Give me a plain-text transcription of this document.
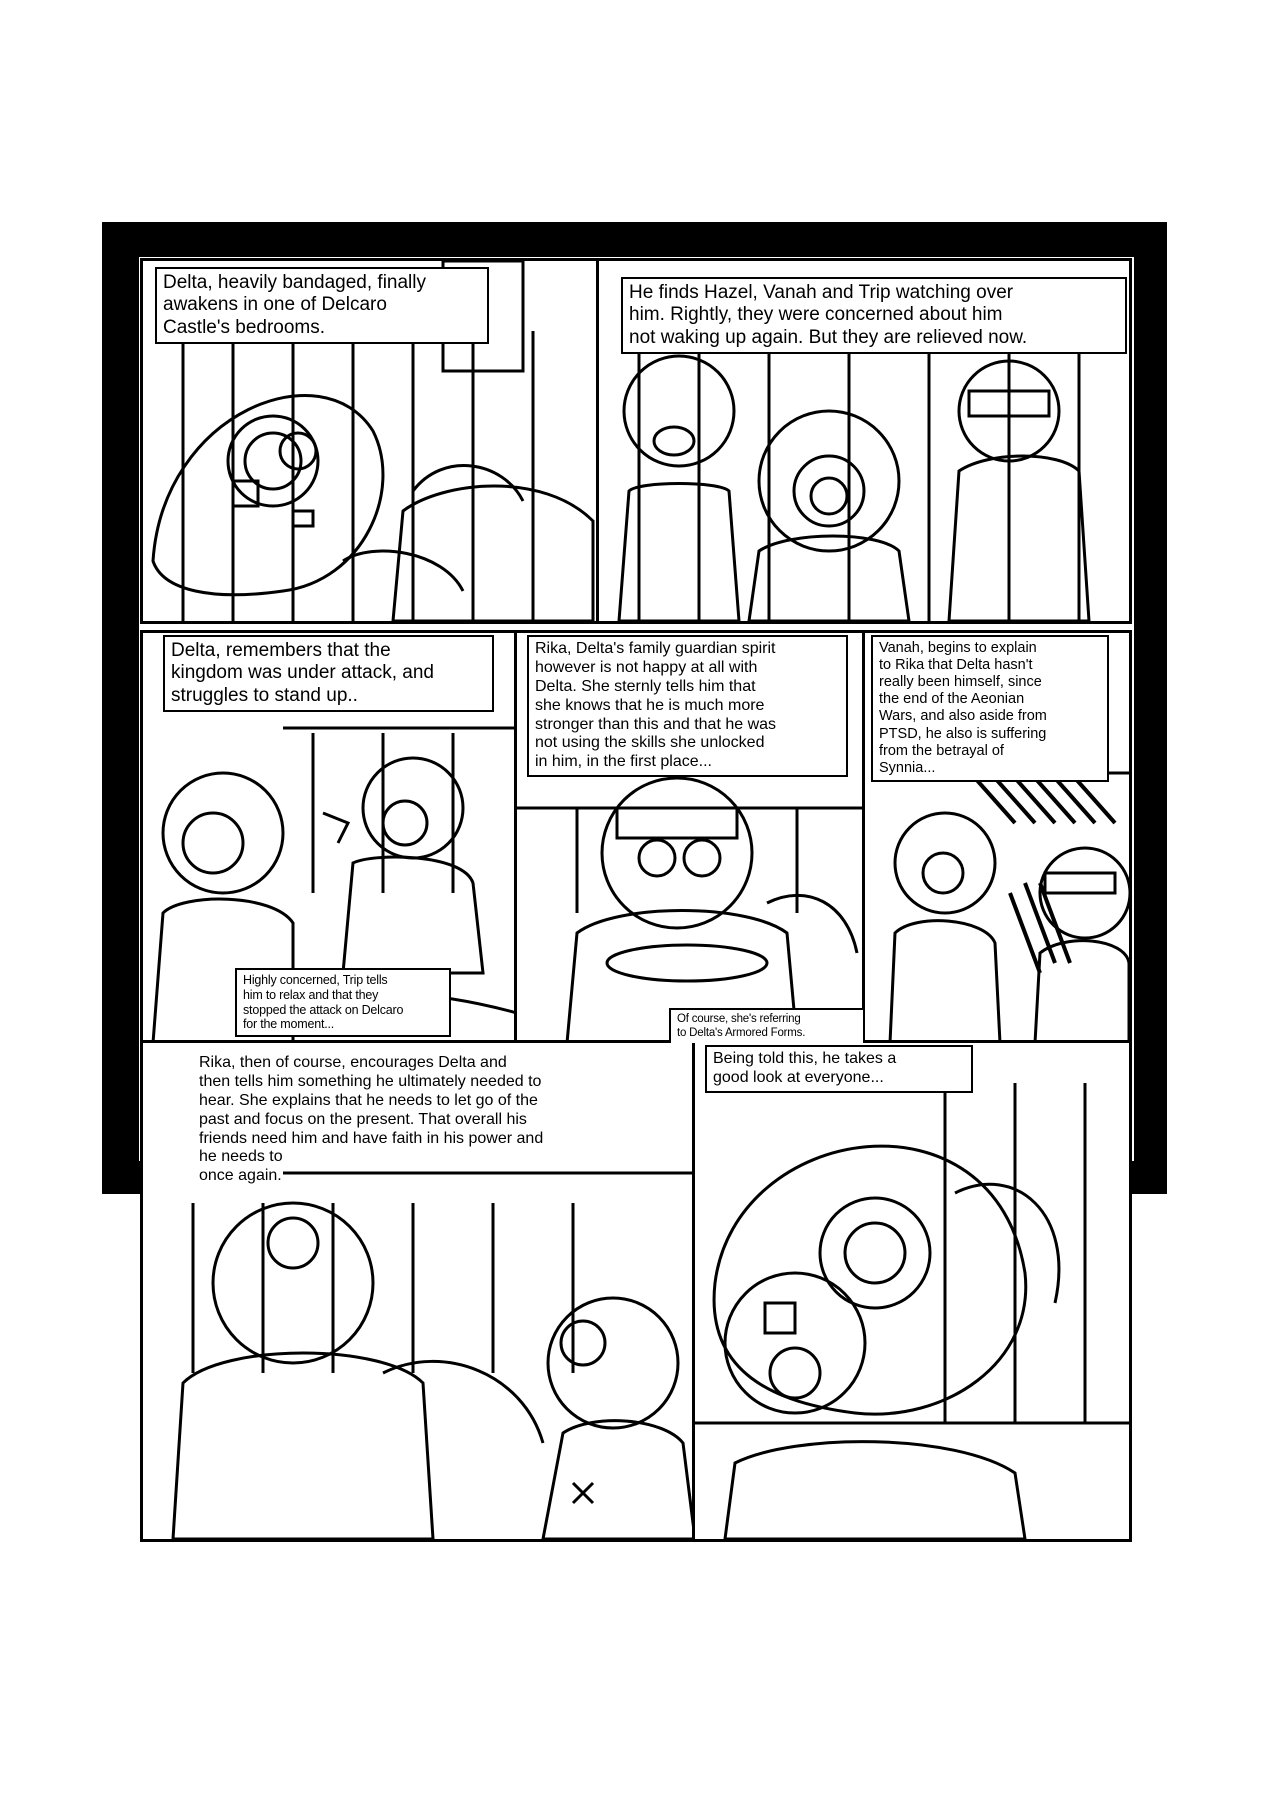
Delta, heavily bandaged, finally
awakens in one of Delcaro
Castle's bedrooms.
He finds Hazel, Vanah and Trip watching over
him. Rightly, they were concerned about him
not waking up again. But they are relieved now.
Delta, remembers that the
kingdom was under attack, and
struggles to stand up..
Highly concerned, Trip tells
him to relax and that they
stopped the attack on Delcaro
for the moment...
Rika, Delta's family guardian spirit
however is not happy at all with
Delta. She sternly tells him that
she knows that he is much more
stronger than this and that he was
not using the skills she unlocked
in him, in the first place...
Of course, she's referring
to Delta's Armored Forms.
Vanah, begins to explain
to Rika that Delta hasn't
really been himself, since
the end of the Aeonian
Wars, and also aside from
PTSD, he also is suffering
from the betrayal of
Synnia...
Rika, then of course, encourages Delta and
then tells him something he ultimately needed to
hear. She explains that he needs to let go of the
past and focus on the present. That overall his
friends need him and have faith in his power and
he needs to
once again.
Being told this, he takes a
good look at everyone...
